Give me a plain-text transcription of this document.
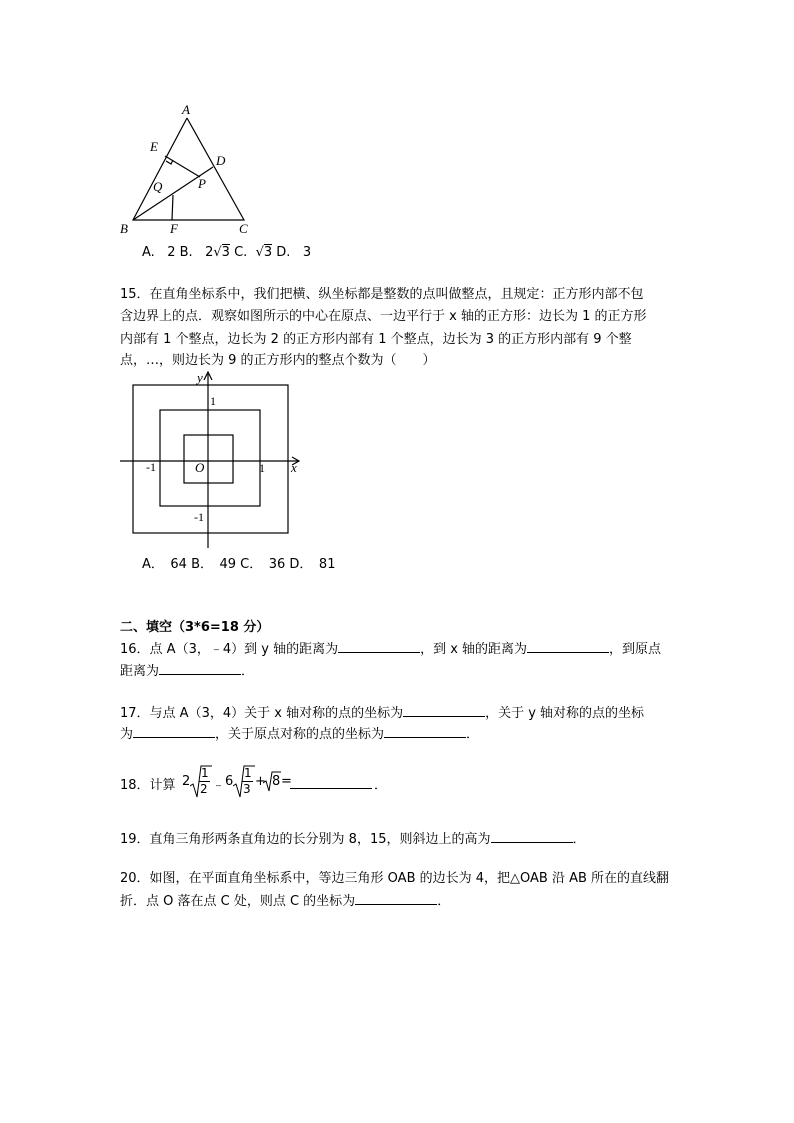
A
E
D
Q	P
B	F	C
A. 2 B. 2√3 C. √3 D. 3
15．在直角坐标系中，我们把横、纵坐标都是整数的点叫做整点，且规定：正方形内部不包
含边界上的点．观察如图所示的中心在原点、一边平行于 x 轴的正方形：边长为 1 的正方形
内部有 1 个整点，边长为 2 的正方形内部有 1 个整点，边长为 3 的正方形内部有 9 个整
点，…，则边长为 9 的正方形内的整点个数为（　　）
y
x
1
-1	O	1
-1
A．　64 B．　49 C．　36 D．　81
二、填空（3*6=18 分）
16．点 A（3，﹣4）到 y 轴的距离为	，到 x 轴的距离为	，到原点
距离为	．
17．与点 A（3，4）关于 x 轴对称的点的坐标为	，关于 y 轴对称的点的坐标
为	，关于原点对称的点的坐标为	．
18．计算 2
1
2 ﹣ 6
1
3 + 8 =	．
19．直角三角形两条直角边的长分别为 8，15，则斜边上的高为	．
20．如图，在平面直角坐标系中，等边三角形 OAB 的边长为 4，把△OAB 沿 AB 所在的直线翻
折．点 O 落在点 C 处，则点 C 的坐标为	．
